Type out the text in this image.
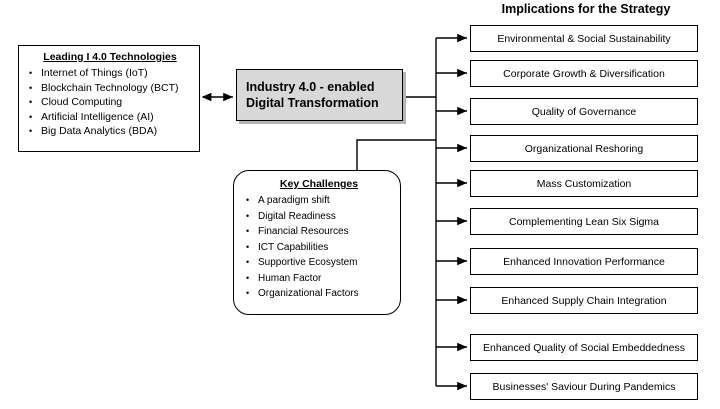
Leading I 4.0 Technologies
• Internet of Things (IoT)
• Blockchain Technology (BCT)
• Cloud Computing
• Artificial Intelligence (AI)
• Big Data Analytics (BDA)
Industry 4.0 - enabled
Digital Transformation
Key Challenges
• A paradigm shift
• Digital Readiness
• Financial Resources
• ICT Capabilities
• Supportive Ecosystem
• Human Factor
• Organizational Factors
Implications for the Strategy
Environmental & Social Sustainability
Corporate Growth & Diversification
Quality of Governance
Organizational Reshoring
Mass Customization
Complementing Lean Six Sigma
Enhanced Innovation Performance
Enhanced Supply Chain Integration
Enhanced Quality of Social Embeddedness
Businesses' Saviour During Pandemics
